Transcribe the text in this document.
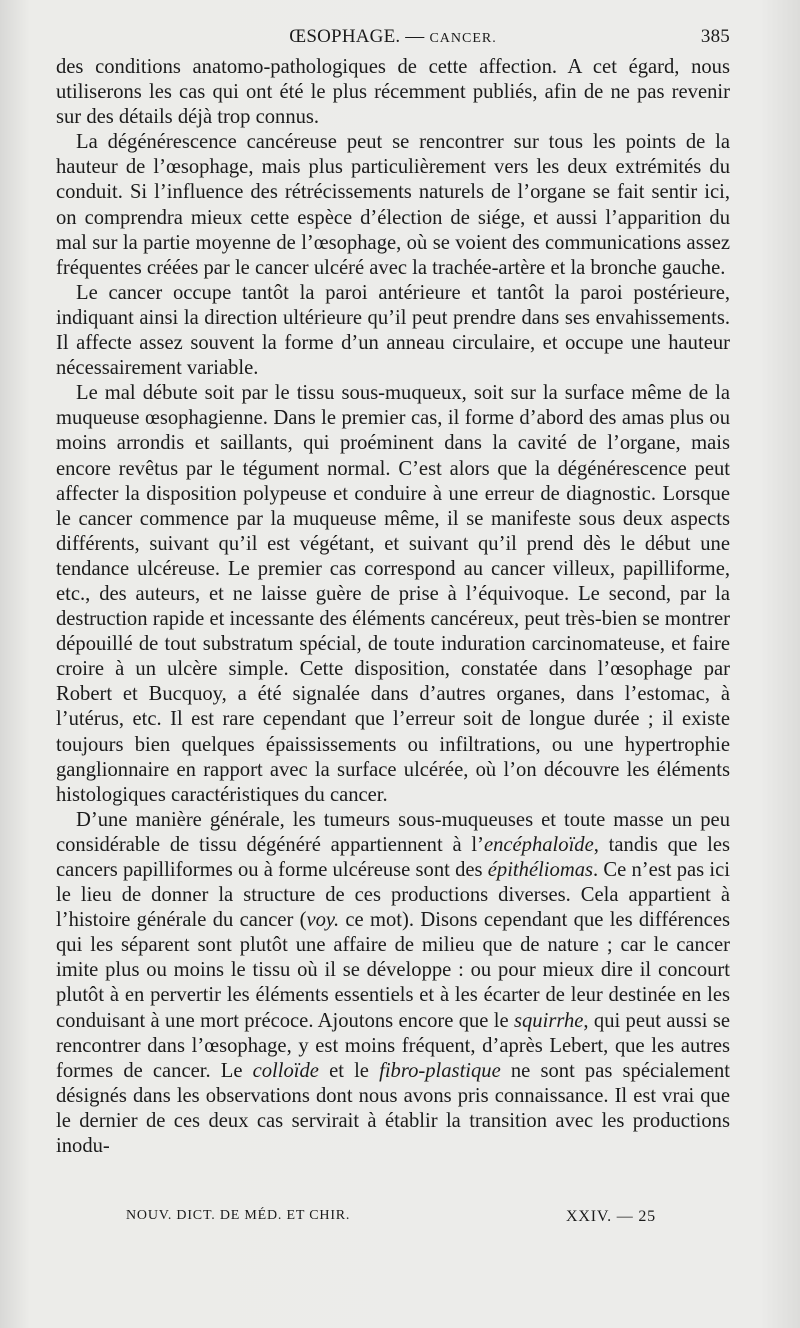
ŒSOPHAGE. — CANCER.	385

des conditions anatomo-pathologiques de cette affection. A cet égard, nous utiliserons les cas qui ont été le plus récemment publiés, afin de ne pas revenir sur des détails déjà trop connus.

La dégénérescence cancéreuse peut se rencontrer sur tous les points de la hauteur de l’œsophage, mais plus particulièrement vers les deux extrémités du conduit. Si l’influence des rétrécissements naturels de l’organe se fait sentir ici, on comprendra mieux cette espèce d’élection de siége, et aussi l’apparition du mal sur la partie moyenne de l’œsophage, où se voient des communications assez fréquentes créées par le cancer ulcéré avec la trachée-artère et la bronche gauche.

Le cancer occupe tantôt la paroi antérieure et tantôt la paroi postérieure, indiquant ainsi la direction ultérieure qu’il peut prendre dans ses envahissements. Il affecte assez souvent la forme d’un anneau circulaire, et occupe une hauteur nécessairement variable.

Le mal débute soit par le tissu sous-muqueux, soit sur la surface même de la muqueuse œsophagienne. Dans le premier cas, il forme d’abord des amas plus ou moins arrondis et saillants, qui proéminent dans la cavité de l’organe, mais encore revêtus par le tégument normal. C’est alors que la dégénérescence peut affecter la disposition polypeuse et conduire à une erreur de diagnostic. Lorsque le cancer commence par la muqueuse même, il se manifeste sous deux aspects différents, suivant qu’il est végétant, et suivant qu’il prend dès le début une tendance ulcéreuse. Le premier cas correspond au cancer villeux, papilliforme, etc., des auteurs, et ne laisse guère de prise à l’équivoque. Le second, par la destruction rapide et incessante des éléments cancéreux, peut très-bien se montrer dépouillé de tout substratum spécial, de toute induration carcinomateuse, et faire croire à un ulcère simple. Cette disposition, constatée dans l’œsophage par Robert et Bucquoy, a été signalée dans d’autres organes, dans l’estomac, à l’utérus, etc. Il est rare cependant que l’erreur soit de longue durée ; il existe toujours bien quelques épaississements ou infiltrations, ou une hypertrophie ganglionnaire en rapport avec la surface ulcérée, où l’on découvre les éléments histologiques caractéristiques du cancer.

D’une manière générale, les tumeurs sous-muqueuses et toute masse un peu considérable de tissu dégénéré appartiennent à l’encéphaloïde, tandis que les cancers papilliformes ou à forme ulcéreuse sont des épithéliomas. Ce n’est pas ici le lieu de donner la structure de ces productions diverses. Cela appartient à l’histoire générale du cancer (voy. ce mot). Disons cependant que les différences qui les séparent sont plutôt une affaire de milieu que de nature ; car le cancer imite plus ou moins le tissu où il se développe : ou pour mieux dire il concourt plutôt à en pervertir les éléments essentiels et à les écarter de leur destinée en les conduisant à une mort précoce. Ajoutons encore que le squirrhe, qui peut aussi se rencontrer dans l’œsophage, y est moins fréquent, d’après Lebert, que les autres formes de cancer. Le colloïde et le fibro-plastique ne sont pas spécialement désignés dans les observations dont nous avons pris connaissance. Il est vrai que le dernier de ces deux cas servirait à établir la transition avec les productions inodu-

NOUV. DICT. DE MÉD. ET CHIR.	XXIV. — 25
